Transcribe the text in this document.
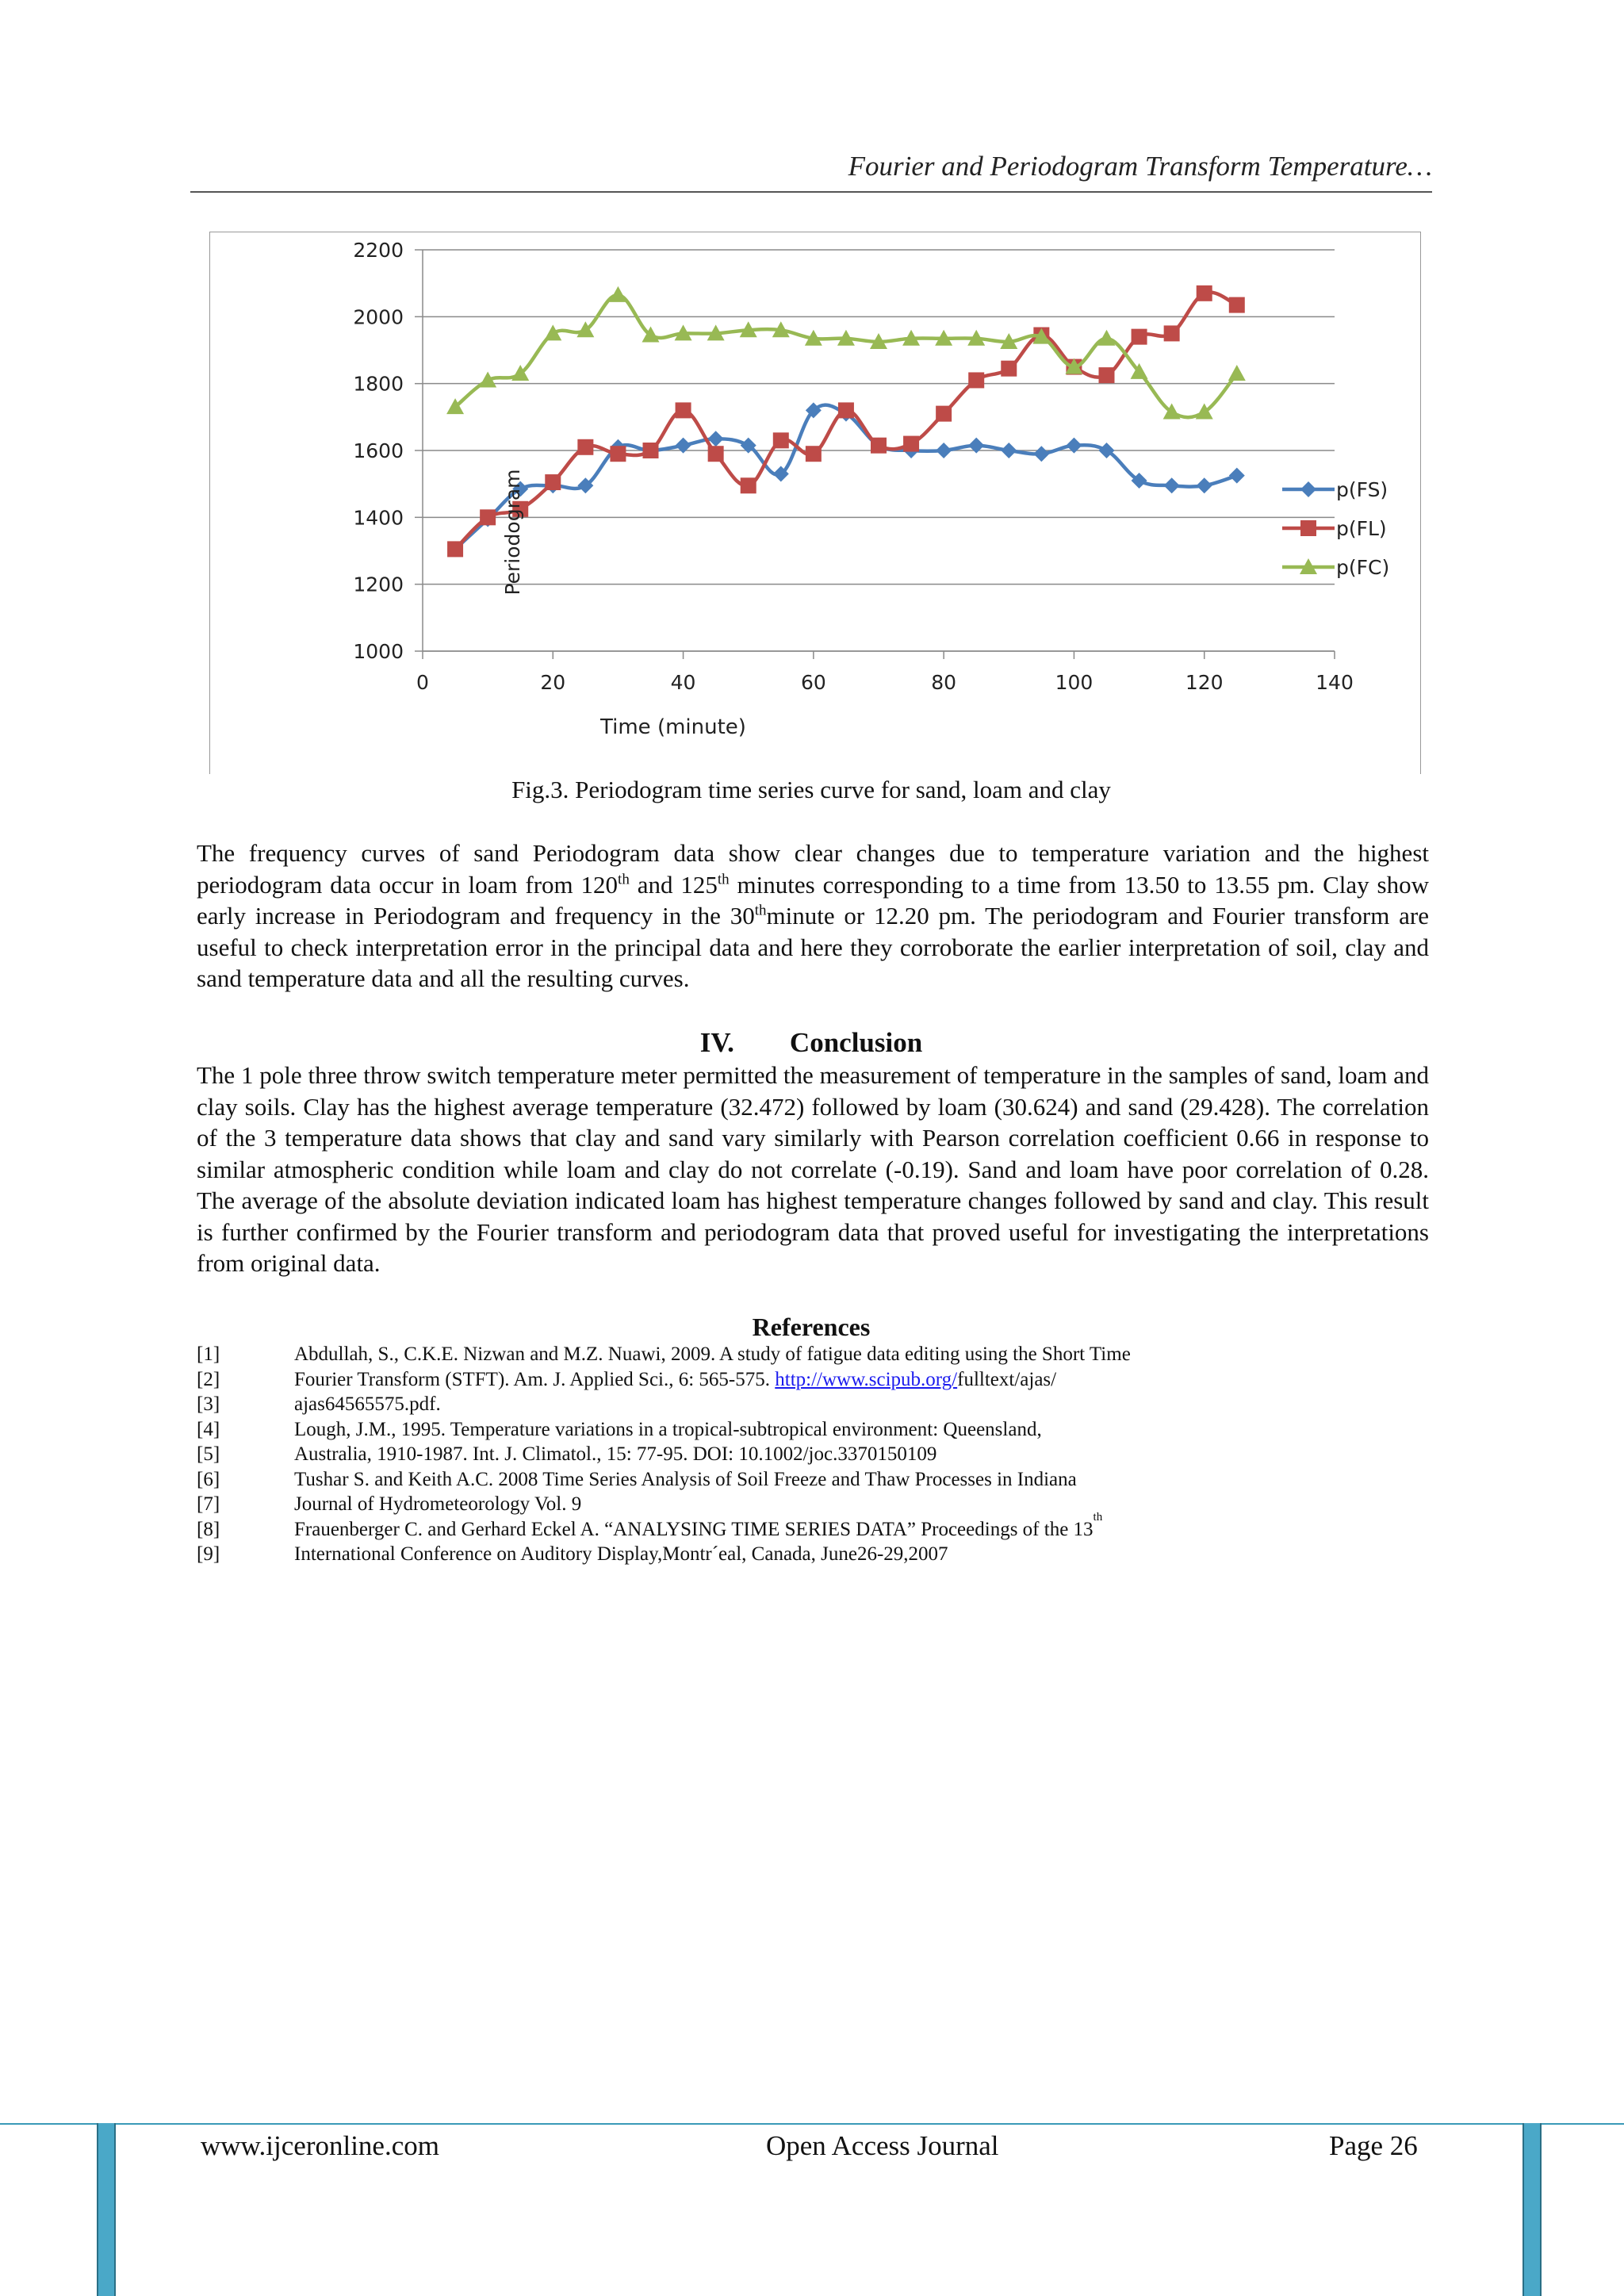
Fourier and Periodogram Transform Temperature…
1000
1200
1400
1600
1800
2000
2200
0	20	40	60	80	100	120	140
p(FS)
p(FL)
p(FC)
Time (minute)
Periodogram
Fig.3. Periodogram time series curve for sand, loam and clay
The frequency curves of sand Periodogram data show clear changes due to temperature variation and the highest periodogram data occur in loam from 120th and 125th minutes corresponding to a time from 13.50 to 13.55 pm. Clay show early increase in Periodogram and frequency in the 30thminute or 12.20 pm. The periodogram and Fourier transform are useful to check interpretation error in the principal data and here they corroborate the earlier interpretation of soil, clay and sand temperature data and all the resulting curves.
IV. Conclusion
The 1 pole three throw switch temperature meter permitted the measurement of temperature in the samples of sand, loam and clay soils. Clay has the highest average temperature (32.472) followed by loam (30.624) and sand (29.428). The correlation of the 3 temperature data shows that clay and sand vary similarly with Pearson correlation coefficient 0.66 in response to similar atmospheric condition while loam and clay do not correlate (-0.19). Sand and loam have poor correlation of 0.28. The average of the absolute deviation indicated loam has highest temperature changes followed by sand and clay. This result is further confirmed by the Fourier transform and periodogram data that proved useful for investigating the interpretations from original data.
References
[1]	Abdullah, S., C.K.E. Nizwan and M.Z. Nuawi, 2009. A study of fatigue data editing using the Short Time
[2]	Fourier Transform (STFT). Am. J. Applied Sci., 6: 565-575.
http://www.scipub.org/ fulltext/ajas/
[3]	ajas64565575.pdf.
[4]	Lough, J.M., 1995. Temperature variations in a tropical-subtropical environment: Queensland,
[5]	Australia, 1910-1987. Int. J. Climatol., 15: 77-95. DOI: 10.1002/joc.3370150109
[6]	Tushar S. and Keith A.C. 2008 Time Series Analysis of Soil Freeze and Thaw Processes in Indiana
[7]	Journal of Hydrometeorology Vol. 9
[8]	Frauenberger C. and Gerhard Eckel A. “ANALYSING TIME SERIES DATA” Proceedings of the 13
th
[9]	International Conference on Auditory Display,Montr´eal, Canada, June26-29,2007
www.ijceronline.com	Open Access Journal	Page 26
